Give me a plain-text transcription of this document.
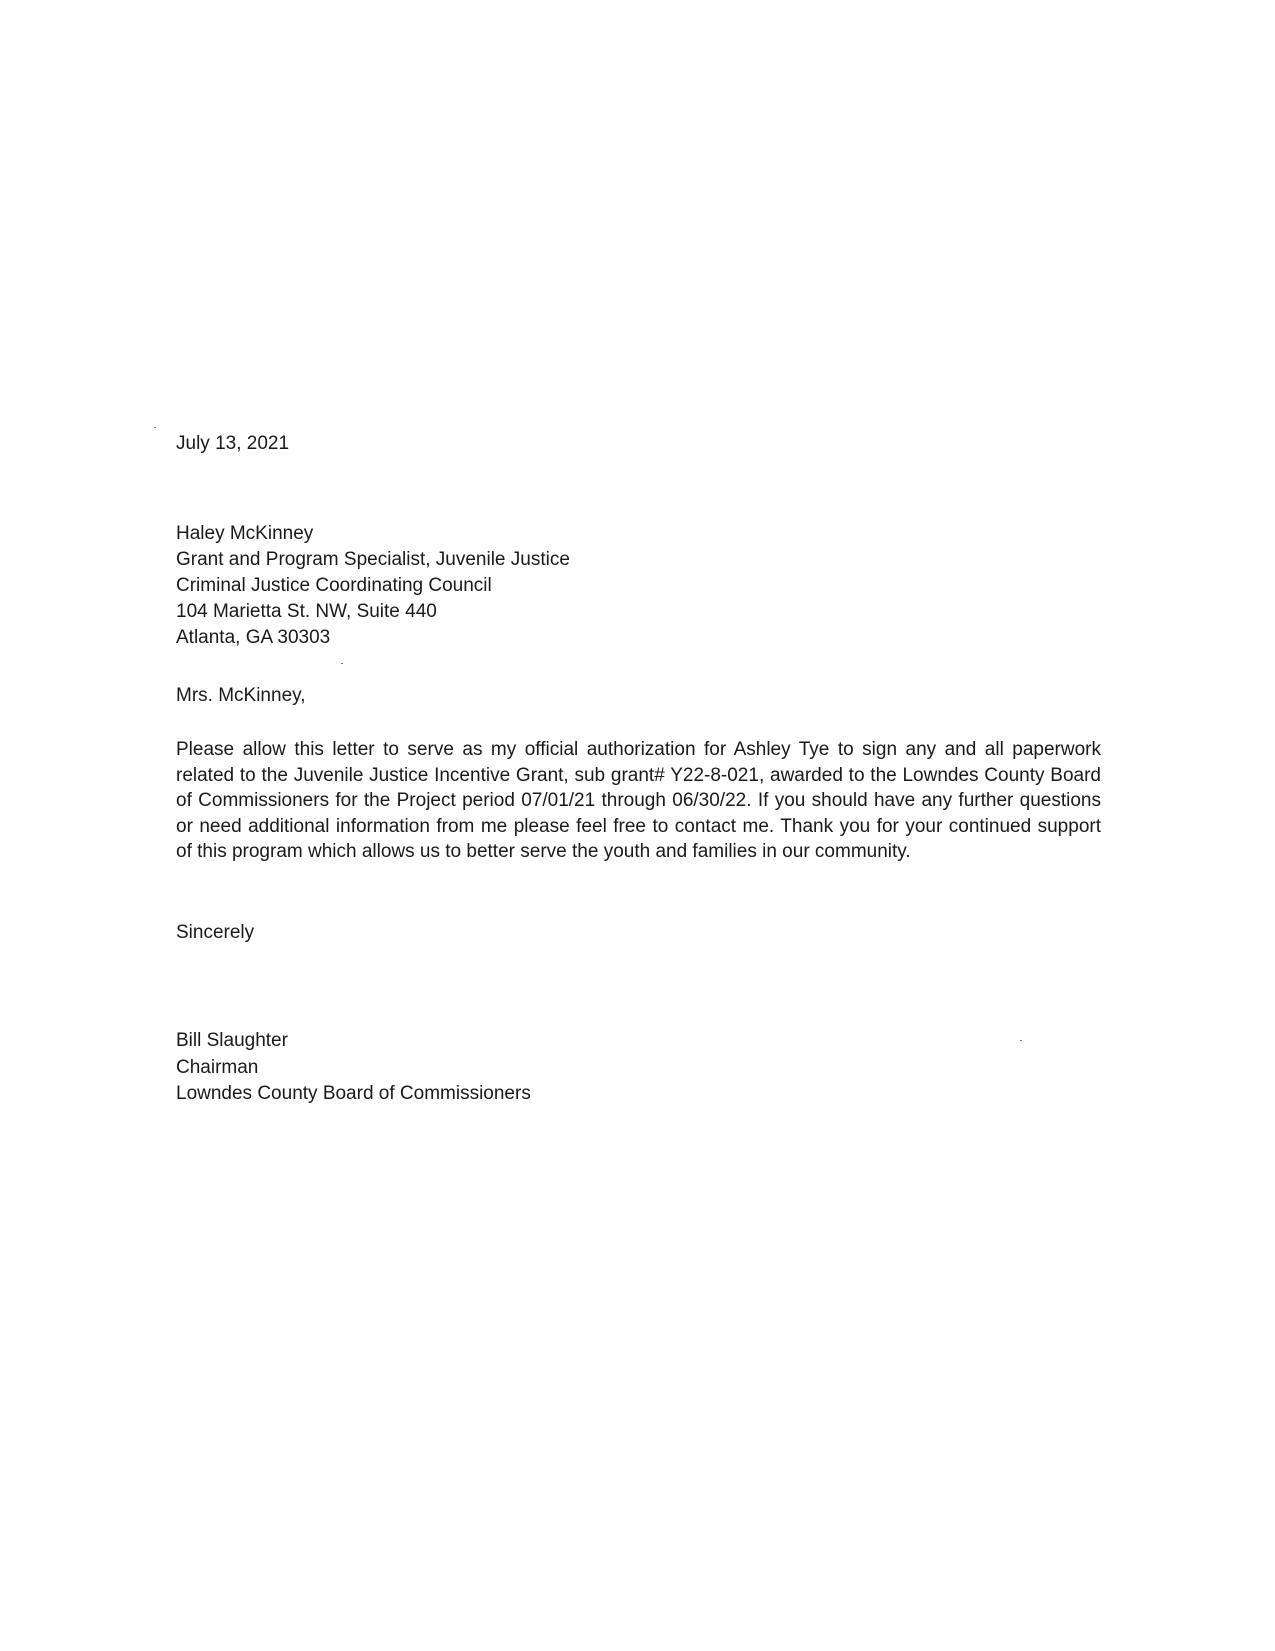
July 13, 2021
Haley McKinney
Grant and Program Specialist, Juvenile Justice
Criminal Justice Coordinating Council
104 Marietta St. NW, Suite 440
Atlanta, GA 30303
Mrs. McKinney,

Please allow this letter to serve as my official authorization for Ashley Tye to sign any and all paperwork related to the Juvenile Justice Incentive Grant, sub grant# Y22-8-021, awarded to the Lowndes County Board of Commissioners for the Project period 07/01/21 through 06/30/22. If you should have any further questions or need additional information from me please feel free to contact me. Thank you for your continued support of this program which allows us to better serve the youth and families in our community.

Sincerely
Bill Slaughter
Chairman
Lowndes County Board of Commissioners
